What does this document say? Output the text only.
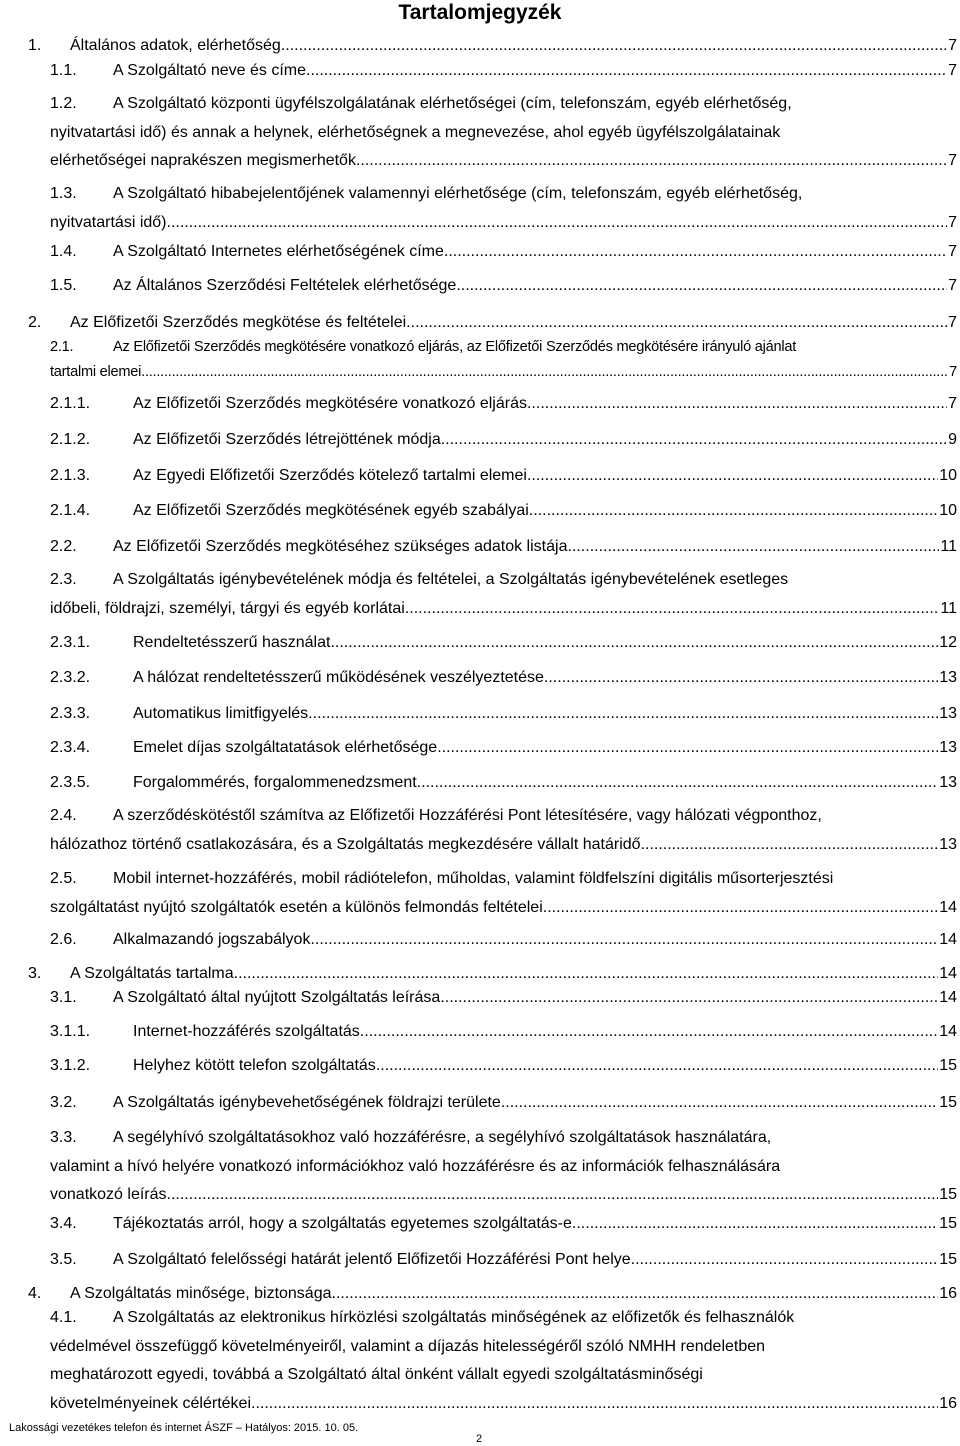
Tartalomjegyzék
1. Általános adatok, elérhetőség .....	7
1.1. A Szolgáltató neve és címe .....	7
1.2. A Szolgáltató központi ügyfélszolgálatának elérhetőségei (cím, telefonszám, egyéb elérhetőség,
nyitvatartási idő) és annak a helynek, elérhetőségnek a megnevezése, ahol egyéb ügyfélszolgálatainak
elérhetőségei naprakészen megismerhetők .....	7
1.3. A Szolgáltató hibabejelentőjének valamennyi elérhetősége (cím, telefonszám, egyéb elérhetőség,
nyitvatartási idő) .....	7
1.4. A Szolgáltató Internetes elérhetőségének címe .....	7
1.5. Az Általános Szerződési Feltételek elérhetősége .....	7
2. Az Előfizetői Szerződés megkötése és feltételei .....	7
2.1.	Az Előfizetői Szerződés megkötésére vonatkozó eljárás, az Előfizetői Szerződés megkötésére irányuló ajánlat
tartalmi elemei .....	7
2.1.1.	Az Előfizetői Szerződés megkötésére vonatkozó eljárás .....	7
2.1.2.	Az Előfizetői Szerződés létrejöttének módja .....	9
2.1.3.	Az Egyedi Előfizetői Szerződés kötelező tartalmi elemei .....	10
2.1.4.	Az Előfizetői Szerződés megkötésének egyéb szabályai .....	10
2.2. Az Előfizetői Szerződés megkötéséhez szükséges adatok listája .....	11
2.3. A Szolgáltatás igénybevételének módja és feltételei, a Szolgáltatás igénybevételének esetleges
időbeli, földrajzi, személyi, tárgyi és egyéb korlátai .....	11
2.3.1.	Rendeltetésszerű használat .....	12
2.3.2.	A hálózat rendeltetésszerű működésének veszélyeztetése .....	13
2.3.3.	Automatikus limitfigyelés .....	13
2.3.4.	Emelet díjas szolgáltatatások elérhetősége .....	13
2.3.5.	Forgalommérés, forgalommenedzsment .....	13
2.4. A szerződéskötéstől számítva az Előfizetői Hozzáférési Pont létesítésére, vagy hálózati végponthoz,
hálózathoz történő csatlakozására, és a Szolgáltatás megkezdésére vállalt határidő .....	13
2.5. Mobil internet-hozzáférés, mobil rádiótelefon, műholdas, valamint földfelszíni digitális műsorterjesztési
szolgáltatást nyújtó szolgáltatók esetén a különös felmondás feltételei .....	14
2.6. Alkalmazandó jogszabályok .....	14
3. A Szolgáltatás tartalma .....	14
3.1. A Szolgáltató által nyújtott Szolgáltatás leírása .....	14
3.1.1.	Internet-hozzáférés szolgáltatás .....	14
3.1.2.	Helyhez kötött telefon szolgáltatás .....	15
3.2. A Szolgáltatás igénybevehetőségének földrajzi területe .....	15
3.3. A segélyhívó szolgáltatásokhoz való hozzáférésre, a segélyhívó szolgáltatások használatára,
valamint a hívó helyére vonatkozó információkhoz való hozzáférésre és az információk felhasználására
vonatkozó leírás .....	15
3.4. Tájékoztatás arról, hogy a szolgáltatás egyetemes szolgáltatás-e .....	15
3.5. A Szolgáltató felelősségi határát jelentő Előfizetői Hozzáférési Pont helye .....	15
4. A Szolgáltatás minősége, biztonsága .....	16
4.1. A Szolgáltatás az elektronikus hírközlési szolgáltatás minőségének az előfizetők és felhasználók
védelmével összefüggő követelményeiről, valamint a díjazás hitelességéről szóló NMHH rendeletben
meghatározott egyedi, továbbá a Szolgáltató által önként vállalt egyedi szolgáltatásminőségi
követelményeinek célértékei .....	16
Lakossági vezetékes telefon és internet ÁSZF – Hatályos: 2015. 10. 05.
2
